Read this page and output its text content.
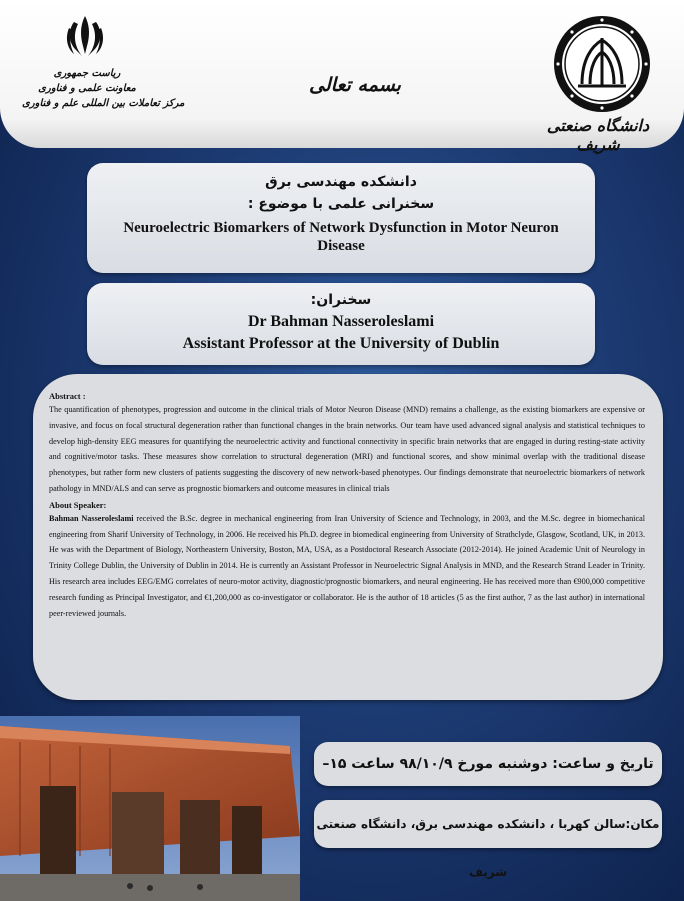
ریاست جمهوری
معاونت علمی و فناوری
مرکز تعاملات بین المللی علم و فناوری
بسمه تعالی
دانشگاه صنعتی شریف
دانشکده مهندسی برق
سخنرانی علمی با موضوع :
Neuroelectric Biomarkers of Network Dysfunction in Motor Neuron Disease
سخنران:
Dr Bahman Nasseroleslami
Assistant Professor at the University of Dublin
Abstract :

The quantification of phenotypes, progression and outcome in the clinical trials of Motor Neuron Disease (MND) remains a challenge, as the existing biomarkers are expensive or invasive, and focus on focal structural degeneration rather than functional changes in the brain networks. Our team have used advanced signal analysis and statistical techniques to develop high-density EEG measures for quantifying the neuroelectric activity and functional connectivity in specific brain networks that are engaged in during resting-state activity and cognitive/motor tasks. These measures show correlation to structural degeneration (MRI) and functional scores, and show minimal overlap with the traditional disease phenotypes, but rather form new clusters of patients suggesting the discovery of new network-based phenotypes. Our findings demonstrate that neuroelectric biomarkers of network pathology in MND/ALS and can serve as prognostic biomarkers and outcome measures in clinical trials

About Speaker:

Bahman Nasseroleslami received the B.Sc. degree in mechanical engineering from Iran University of Science and Technology, in 2003, and the M.Sc. degree in biomechanical engineering from Sharif University of Technology, in 2006. He received his Ph.D. degree in biomedical engineering from University of Strathclyde, Glasgow, Scotland, UK, in 2013. He was with the Department of Biology, Northeastern University, Boston, MA, USA, as a Postdoctoral Research Associate (2012-2014). He joined Academic Unit of Neurology in Trinity College Dublin, the University of Dublin in 2014. He is currently an Assistant Professor in Neuroelectric Signal Analysis in MND, and the Research Strand Leader in Trinity. His research area includes EEG/EMG correlates of neuro-motor activity, diagnostic/prognostic biomarkers, and neural engineering. He has received more than €900,000 competitive research funding as Principal Investigator, and €1,200,000 as co-investigator or collaborator. He is the author of 18 articles (5 as the first author, 7 as the last author) in international peer-reviewed journals.

تاریخ و ساعت: دوشنبه مورخ ۹۸/۱۰/۹ ساعت ۱۵–
مکان:سالن کهربا ، دانشکده مهندسی برق، دانشگاه صنعتی شریف
